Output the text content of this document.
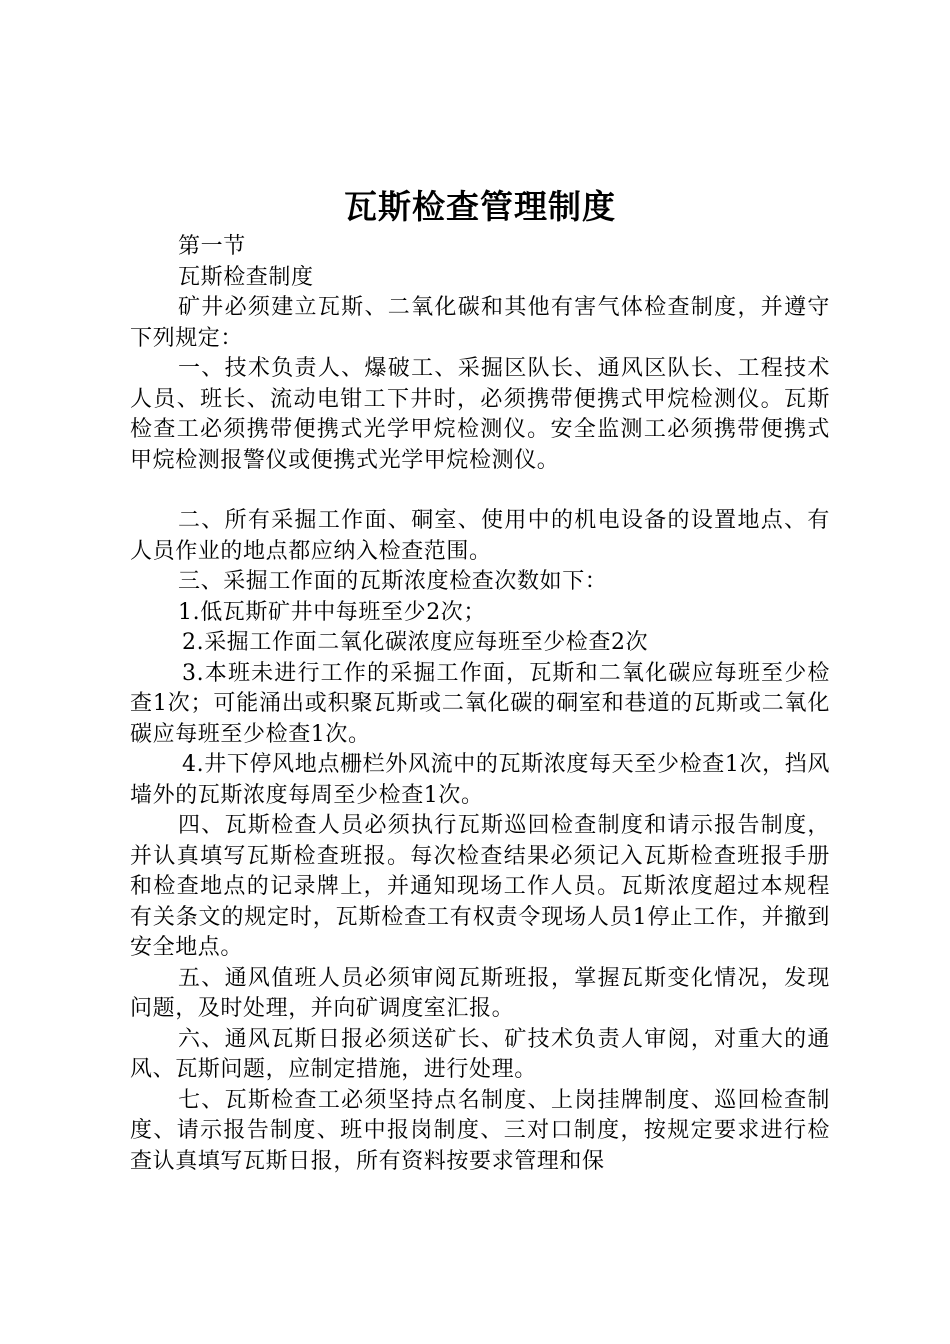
瓦斯检查管理制度

第一节

瓦斯检查制度

矿井必须建立瓦斯、二氧化碳和其他有害气体检查制度，并遵守下列规定：

一、技术负责人、爆破工、采掘区队长、通风区队长、工程技术人员、班长、流动电钳工下井时，必须携带便携式甲烷检测仪。瓦斯检查工必须携带便携式光学甲烷检测仪。安全监测工必须携带便携式甲烷检测报警仪或便携式光学甲烷检测仪。

二、所有采掘工作面、硐室、使用中的机电设备的设置地点、有人员作业的地点都应纳入检查范围。

三、采掘工作面的瓦斯浓度检查次数如下：

1.低瓦斯矿井中每班至少2次；

2.采掘工作面二氧化碳浓度应每班至少检查2次

3.本班未进行工作的采掘工作面，瓦斯和二氧化碳应每班至少检查1次；可能涌出或积聚瓦斯或二氧化碳的硐室和巷道的瓦斯或二氧化碳应每班至少检查1次。

4.井下停风地点栅栏外风流中的瓦斯浓度每天至少检查1次，挡风墙外的瓦斯浓度每周至少检查1次。

四、瓦斯检查人员必须执行瓦斯巡回检查制度和请示报告制度，并认真填写瓦斯检查班报。每次检查结果必须记入瓦斯检查班报手册和检查地点的记录牌上，并通知现场工作人员。瓦斯浓度超过本规程有关条文的规定时，瓦斯检查工有权责令现场人员1停止工作，并撤到安全地点。

五、通风值班人员必须审阅瓦斯班报，掌握瓦斯变化情况，发现问题，及时处理，并向矿调度室汇报。

六、通风瓦斯日报必须送矿长、矿技术负责人审阅，对重大的通风、瓦斯问题，应制定措施，进行处理。

七、瓦斯检查工必须坚持点名制度、上岗挂牌制度、巡回检查制度、请示报告制度、班中报岗制度、三对口制度，按规定要求进行检查认真填写瓦斯日报，所有资料按要求管理和保
